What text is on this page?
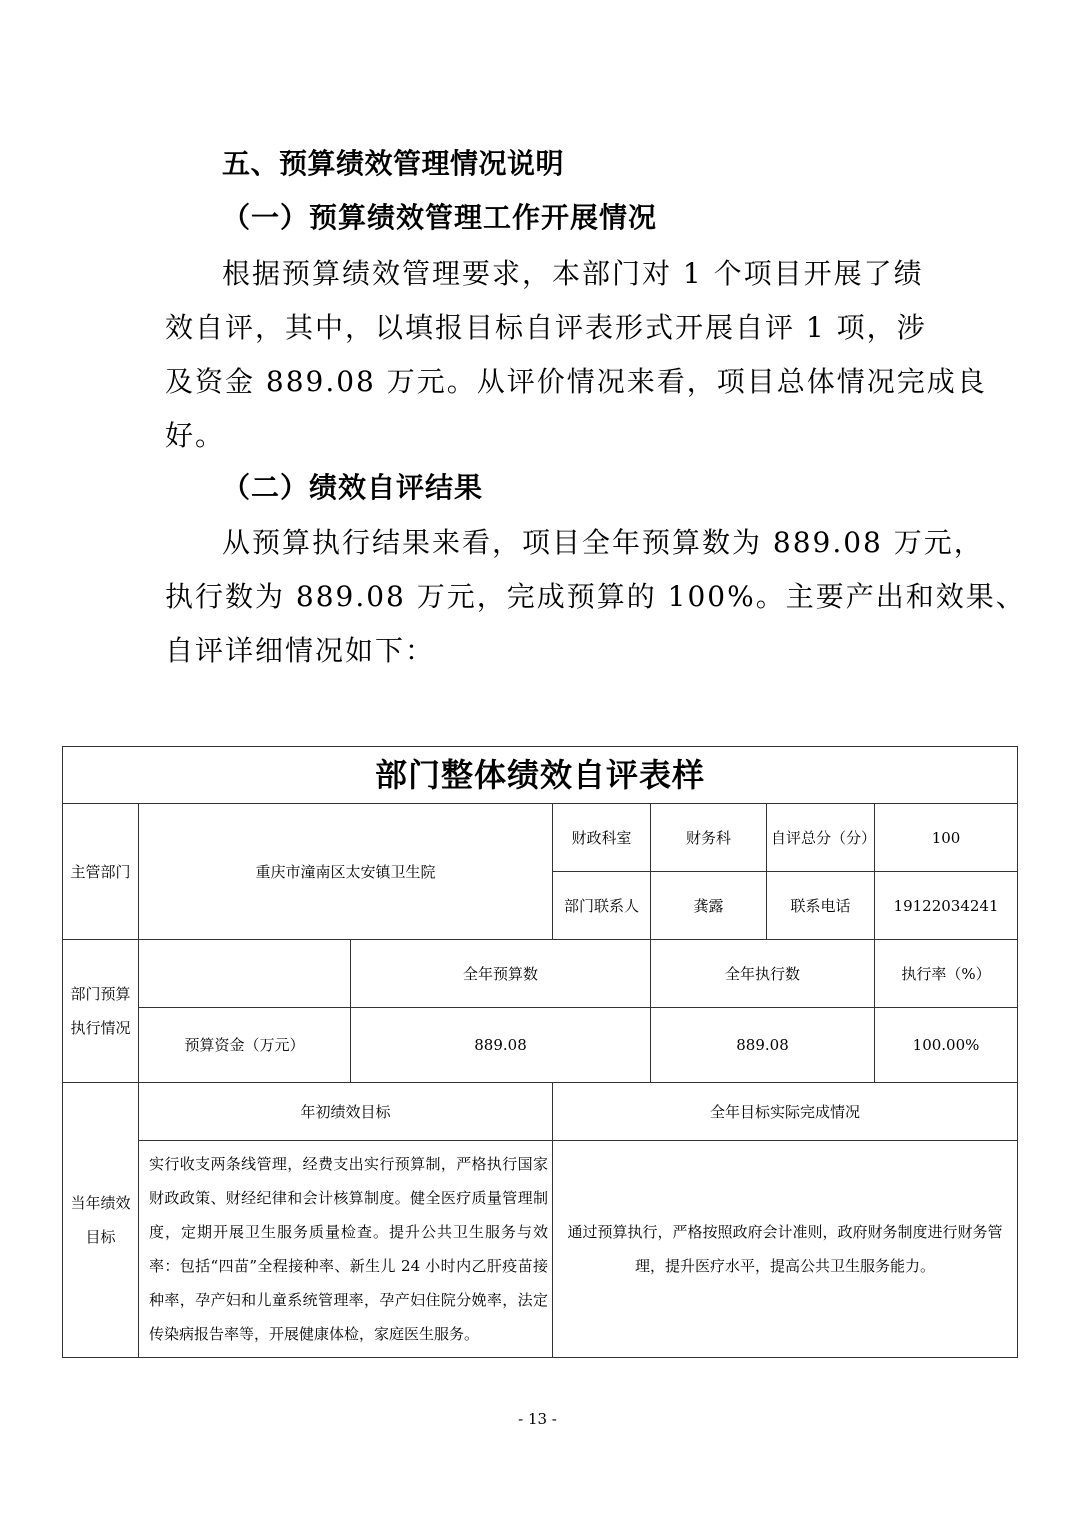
五、预算绩效管理情况说明
（一）预算绩效管理工作开展情况
根据预算绩效管理要求，本部门对 1 个项目开展了绩
效自评，其中，以填报目标自评表形式开展自评 1 项，涉
及资金 889.08 万元。从评价情况来看，项目总体情况完成良
好。
（二）绩效自评结果
从预算执行结果来看，项目全年预算数为 889.08 万元，
执行数为 889.08 万元，完成预算的 100%。主要产出和效果、
自评详细情况如下：
部门整体绩效自评表样						
主管部门	重庆市潼南区太安镇卫生院		财政科室	财务科	自评总分（分）	100
			部门联系人	龚露	联系电话	19122034241
部门预算执行情况		全年预算数		全年执行数		执行率（%）
	预算资金（万元）	889.08		889.08		100.00%
当年绩效目标	年初绩效目标		全年目标实际完成情况			
	实行收支两条线管理，经费支出实行预算制，严格执行国家财政政策、财经纪律和会计核算制度。健全医疗质量管理制度，定期开展卫生服务质量检查。提升公共卫生服务与效率：包括“四苗”全程接种率、新生儿 24 小时内乙肝疫苗接种率，孕产妇和儿童系统管理率，孕产妇住院分娩率，法定传染病报告率等，开展健康体检，家庭医生服务。		通过预算执行，严格按照政府会计准则，政府财务制度进行财务管理，提升医疗水平，提高公共卫生服务能力。			
- 13 -
